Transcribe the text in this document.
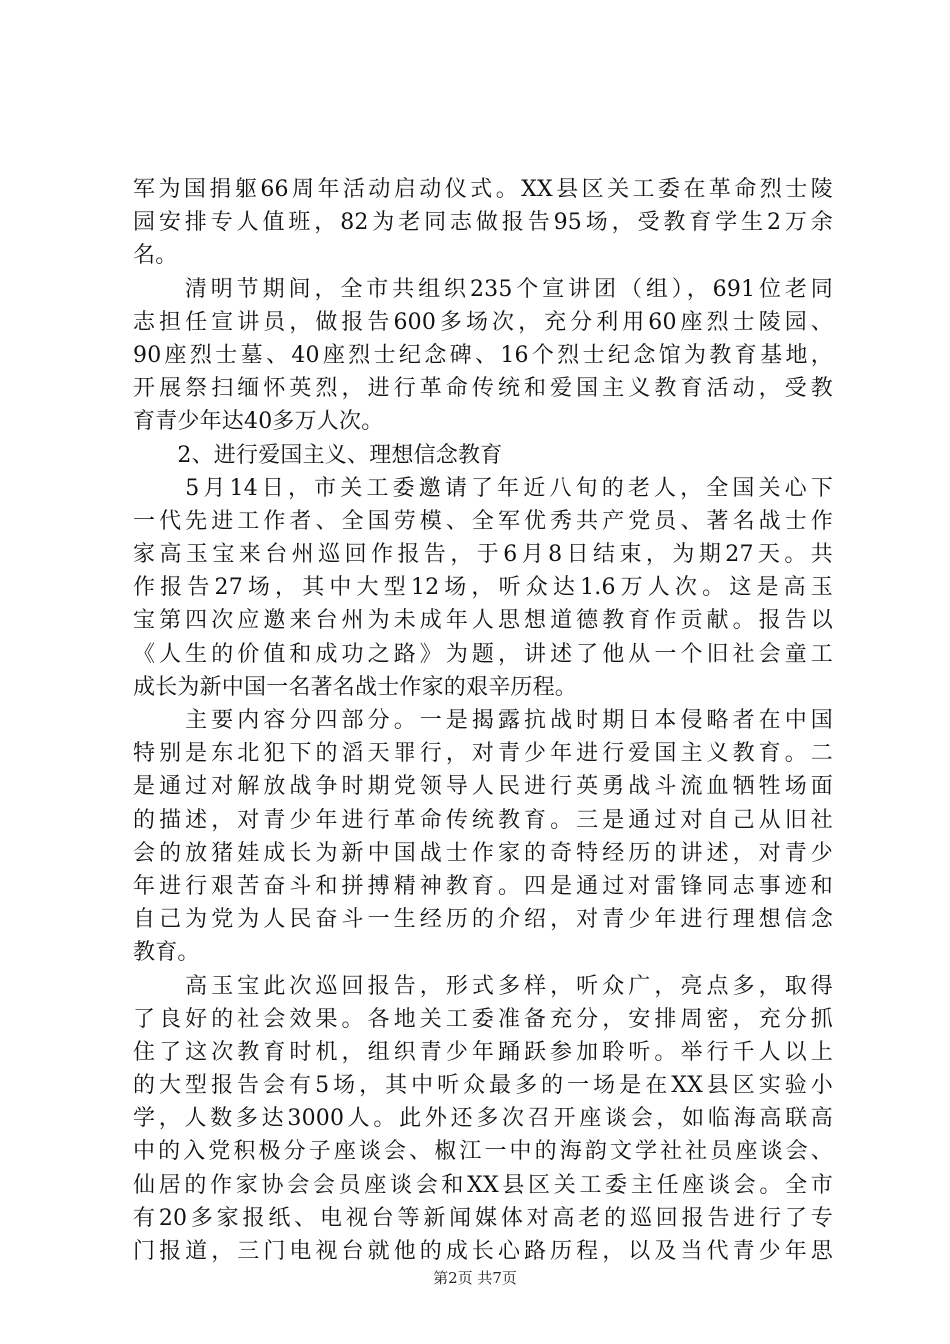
军为国捐躯66周年活动启动仪式。XX县区关工委在革命烈士陵
园安排专人值班，82为老同志做报告95场，受教育学生2万余
名。
　　清明节期间，全市共组织235个宣讲团（组），691位老同
志担任宣讲员，做报告600多场次，充分利用60座烈士陵园、
90座烈士墓、40座烈士纪念碑、16个烈士纪念馆为教育基地，
开展祭扫缅怀英烈，进行革命传统和爱国主义教育活动，受教
育青少年达40多万人次。
　　2、进行爱国主义、理想信念教育
　　5月14日，市关工委邀请了年近八旬的老人，全国关心下
一代先进工作者、全国劳模、全军优秀共产党员、著名战士作
家高玉宝来台州巡回作报告，于6月8日结束，为期27天。共
作报告27场，其中大型12场，听众达1.6万人次。这是高玉
宝第四次应邀来台州为未成年人思想道德教育作贡献。报告以
《人生的价值和成功之路》为题，讲述了他从一个旧社会童工
成长为新中国一名著名战士作家的艰辛历程。
　　主要内容分四部分。一是揭露抗战时期日本侵略者在中国
特别是东北犯下的滔天罪行，对青少年进行爱国主义教育。二
是通过对解放战争时期党领导人民进行英勇战斗流血牺牲场面
的描述，对青少年进行革命传统教育。三是通过对自己从旧社
会的放猪娃成长为新中国战士作家的奇特经历的讲述，对青少
年进行艰苦奋斗和拼搏精神教育。四是通过对雷锋同志事迹和
自己为党为人民奋斗一生经历的介绍，对青少年进行理想信念
教育。
　　高玉宝此次巡回报告，形式多样，听众广，亮点多，取得
了良好的社会效果。各地关工委准备充分，安排周密，充分抓
住了这次教育时机，组织青少年踊跃参加聆听。举行千人以上
的大型报告会有5场，其中听众最多的一场是在XX县区实验小
学，人数多达3000人。此外还多次召开座谈会，如临海高联高
中的入党积极分子座谈会、椒江一中的海韵文学社社员座谈会、
仙居的作家协会会员座谈会和XX县区关工委主任座谈会。全市
有20多家报纸、电视台等新闻媒体对高老的巡回报告进行了专
门报道，三门电视台就他的成长心路历程，以及当代青少年思
第2页 共7页
